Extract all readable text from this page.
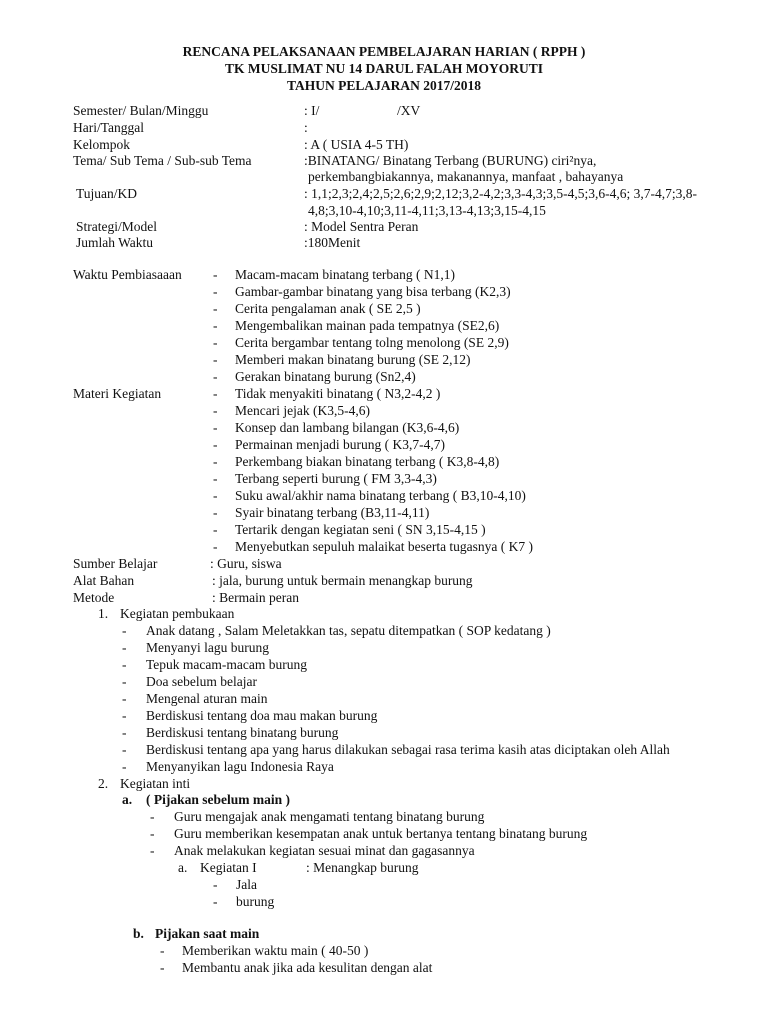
RENCANA PELAKSANAAN PEMBELAJARAN HARIAN ( RPPH )
TK MUSLIMAT NU 14 DARUL FALAH MOYORUTI
TAHUN PELAJARAN 2017/2018
Semester/ Bulan/Minggu	: I/	/XV
Hari/Tanggal	:
Kelompok	: A ( USIA 4-5 TH)
Tema/ Sub Tema / Sub-sub Tema	:BINATANG/ Binatang Terbang (BURUNG) ciri²nya,
perkembangbiakannya, makanannya, manfaat , bahayanya
Tujuan/KD	: 1,1;2,3;2,4;2,5;2,6;2,9;2,12;3,2-4,2;3,3-4,3;3,5-4,5;3,6-4,6; 3,7-4,7;3,8-
4,8;3,10-4,10;3,11-4,11;3,13-4,13;3,15-4,15
Strategi/Model	: Model Sentra Peran
Jumlah Waktu	:180Menit
Waktu Pembiasaaan - Macam-macam binatang terbang ( N1,1)
- Gambar-gambar binatang yang bisa terbang (K2,3)
- Cerita pengalaman anak ( SE 2,5 )
- Mengembalikan mainan pada tempatnya (SE2,6)
- Cerita bergambar tentang tolng menolong (SE 2,9)
- Memberi makan binatang burung (SE 2,12)
- Gerakan binatang burung (Sn2,4)
Materi Kegiatan	- Tidak menyakiti binatang ( N3,2-4,2 )
- Mencari jejak (K3,5-4,6)
- Konsep dan lambang bilangan (K3,6-4,6)
- Permainan menjadi burung ( K3,7-4,7)
- Perkembang biakan binatang terbang ( K3,8-4,8)
- Terbang seperti burung ( FM 3,3-4,3)
- Suku awal/akhir nama binatang terbang ( B3,10-4,10)
- Syair binatang terbang (B3,11-4,11)
- Tertarik dengan kegiatan seni ( SN 3,15-4,15 )
- Menyebutkan sepuluh malaikat beserta tugasnya ( K7 )
Sumber Belajar	: Guru, siswa
Alat Bahan	: jala, burung untuk bermain menangkap burung
Metode	: Bermain peran
1. Kegiatan pembukaan
- Anak datang , Salam Meletakkan tas, sepatu ditempatkan ( SOP kedatang )
- Menyanyi lagu burung
- Tepuk macam-macam burung
- Doa sebelum belajar
- Mengenal aturan main
- Berdiskusi tentang doa mau makan burung
- Berdiskusi tentang binatang burung
- Berdiskusi tentang apa yang harus dilakukan sebagai rasa terima kasih atas diciptakan oleh Allah
- Menyanyikan lagu Indonesia Raya
2. Kegiatan inti
a. ( Pijakan sebelum main )
- Guru mengajak anak mengamati tentang binatang burung
- Guru memberikan kesempatan anak untuk bertanya tentang binatang burung
- Anak melakukan kegiatan sesuai minat dan gagasannya
a. Kegiatan I	: Menangkap burung
- Jala
- burung
b. Pijakan saat main
- Memberikan waktu main ( 40-50 )
- Membantu anak jika ada kesulitan dengan alat
